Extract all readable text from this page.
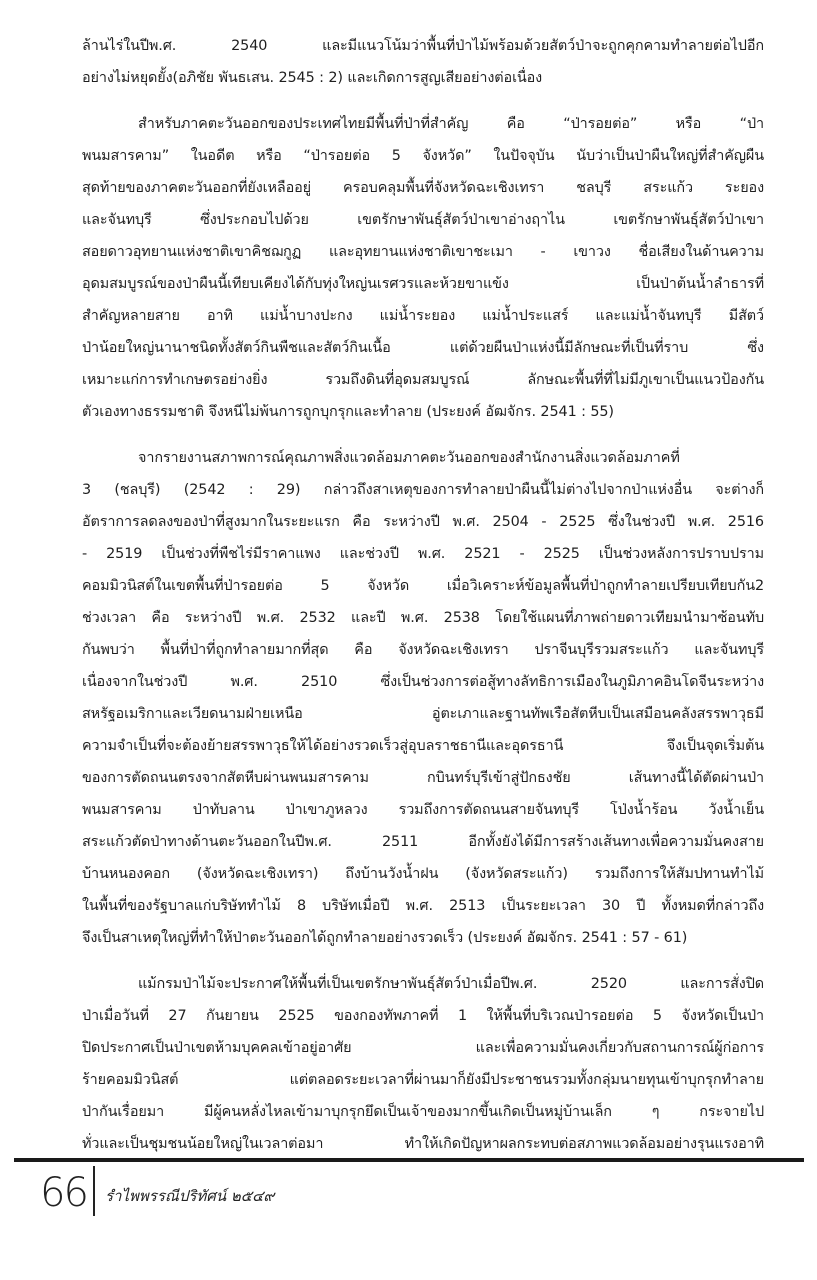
ล้านไร่ในปีพ.ศ. 2540 และมีแนวโน้มว่าพื้นที่ป่าไม้พร้อมด้วยสัตว์ป่าจะถูกคุกคามทำลายต่อไปอีก
อย่างไม่หยุดยั้ง(อภิชัย พันธเสน. 2545 : 2) และเกิดการสูญเสียอย่างต่อเนื่อง
สำหรับภาคตะวันออกของประเทศไทยมีพื้นที่ป่าที่สำคัญ คือ “ป่ารอยต่อ” หรือ “ป่า
พนมสารคาม” ในอดีต หรือ “ป่ารอยต่อ 5 จังหวัด” ในปัจจุบัน นับว่าเป็นป่าผืนใหญ่ที่สำคัญผืน
สุดท้ายของภาคตะวันออกที่ยังเหลืออยู่ ครอบคลุมพื้นที่จังหวัดฉะเชิงเทรา ชลบุรี สระแก้ว ระยอง
และจันทบุรี ซึ่งประกอบไปด้วย เขตรักษาพันธุ์สัตว์ป่าเขาอ่างฤาไน เขตรักษาพันธุ์สัตว์ป่าเขา
สอยดาวอุทยานแห่งชาติเขาคิชฌกูฏ และอุทยานแห่งชาติเขาชะเมา - เขาวง ชื่อเสียงในด้านความ
อุดมสมบูรณ์ของป่าผืนนี้เทียบเคียงได้กับทุ่งใหญ่นเรศวรและห้วยขาแข้ง เป็นป่าต้นน้ำลำธารที่
สำคัญหลายสาย อาทิ แม่น้ำบางปะกง แม่น้ำระยอง แม่น้ำประแสร์ และแม่น้ำจันทบุรี มีสัตว์
ป่าน้อยใหญ่นานาชนิดทั้งสัตว์กินพืชและสัตว์กินเนื้อ แต่ด้วยผืนป่าแห่งนี้มีลักษณะที่เป็นที่ราบ ซึ่ง
เหมาะแก่การทำเกษตรอย่างยิ่ง รวมถึงดินที่อุดมสมบูรณ์ ลักษณะพื้นที่ที่ไม่มีภูเขาเป็นแนวป้องกัน
ตัวเองทางธรรมชาติ จึงหนีไม่พ้นการถูกบุกรุกและทำลาย (ประยงค์ อัฒจักร. 2541 : 55)
จากรายงานสภาพการณ์คุณภาพสิ่งแวดล้อมภาคตะวันออกของสำนักงานสิ่งแวดล้อมภาคที่
3 (ชลบุรี) (2542 : 29) กล่าวถึงสาเหตุของการทำลายป่าผืนนี้ไม่ต่างไปจากป่าแห่งอื่น จะต่างก็
อัตราการลดลงของป่าที่สูงมากในระยะแรก คือ ระหว่างปี พ.ศ. 2504 - 2525 ซึ่งในช่วงปี พ.ศ. 2516
- 2519 เป็นช่วงที่พืชไร่มีราคาแพง และช่วงปี พ.ศ. 2521 - 2525 เป็นช่วงหลังการปราบปราม
คอมมิวนิสต์ในเขตพื้นที่ป่ารอยต่อ 5 จังหวัด เมื่อวิเคราะห์ข้อมูลพื้นที่ป่าถูกทำลายเปรียบเทียบกัน2
ช่วงเวลา คือ ระหว่างปี พ.ศ. 2532 และปี พ.ศ. 2538 โดยใช้แผนที่ภาพถ่ายดาวเทียมนำมาซ้อนทับ
กันพบว่า พื้นที่ป่าที่ถูกทำลายมากที่สุด คือ จังหวัดฉะเชิงเทรา ปราจีนบุรีรวมสระแก้ว และจันทบุรี
เนื่องจากในช่วงปี พ.ศ. 2510 ซึ่งเป็นช่วงการต่อสู้ทางลัทธิการเมืองในภูมิภาคอินโดจีนระหว่าง
สหรัฐอเมริกาและเวียดนามฝ่ายเหนือ อู่ตะเภาและฐานทัพเรือสัตหีบเป็นเสมือนคลังสรรพาวุธมี
ความจำเป็นที่จะต้องย้ายสรรพาวุธให้ได้อย่างรวดเร็วสู่อุบลราชธานีและอุดรธานี จึงเป็นจุดเริ่มต้น
ของการตัดถนนตรงจากสัตหีบผ่านพนมสารคาม กบินทร์บุรีเข้าสู่ปักธงชัย เส้นทางนี้ได้ตัดผ่านป่า
พนมสารคาม ป่าทับลาน ป่าเขาภูหลวง รวมถึงการตัดถนนสายจันทบุรี โป่งน้ำร้อน วังน้ำเย็น
สระแก้วตัดป่าทางด้านตะวันออกในปีพ.ศ. 2511 อีกทั้งยังได้มีการสร้างเส้นทางเพื่อความมั่นคงสาย
บ้านหนองคอก (จังหวัดฉะเชิงเทรา) ถึงบ้านวังน้ำฝน (จังหวัดสระแก้ว) รวมถึงการให้สัมปทานทำไม้
ในพื้นที่ของรัฐบาลแก่บริษัททำไม้ 8 บริษัทเมื่อปี พ.ศ. 2513 เป็นระยะเวลา 30 ปี ทั้งหมดที่กล่าวถึง
จึงเป็นสาเหตุใหญ่ที่ทำให้ป่าตะวันออกได้ถูกทำลายอย่างรวดเร็ว (ประยงค์ อัฒจักร. 2541 : 57 - 61)
แม้กรมป่าไม้จะประกาศให้พื้นที่เป็นเขตรักษาพันธุ์สัตว์ป่าเมื่อปีพ.ศ. 2520 และการสั่งปิด
ป่าเมื่อวันที่ 27 กันยายน 2525 ของกองทัพภาคที่ 1 ให้พื้นที่บริเวณป่ารอยต่อ 5 จังหวัดเป็นป่า
ปิดประกาศเป็นป่าเขตห้ามบุคคลเข้าอยู่อาศัย และเพื่อความมั่นคงเกี่ยวกับสถานการณ์ผู้ก่อการ
ร้ายคอมมิวนิสต์ แต่ตลอดระยะเวลาที่ผ่านมาก็ยังมีประชาชนรวมทั้งกลุ่มนายทุนเข้าบุกรุกทำลาย
ป่ากันเรื่อยมา มีผู้คนหลั่งไหลเข้ามาบุกรุกยึดเป็นเจ้าของมากขึ้นเกิดเป็นหมู่บ้านเล็ก ๆ กระจายไป
ทั่วและเป็นชุมชนน้อยใหญ่ในเวลาต่อมา ทำให้เกิดปัญหาผลกระทบต่อสภาพแวดล้อมอย่างรุนแรงอาทิ
66 รำไพพรรณีปริทัศน์ ๒๕๔๙
